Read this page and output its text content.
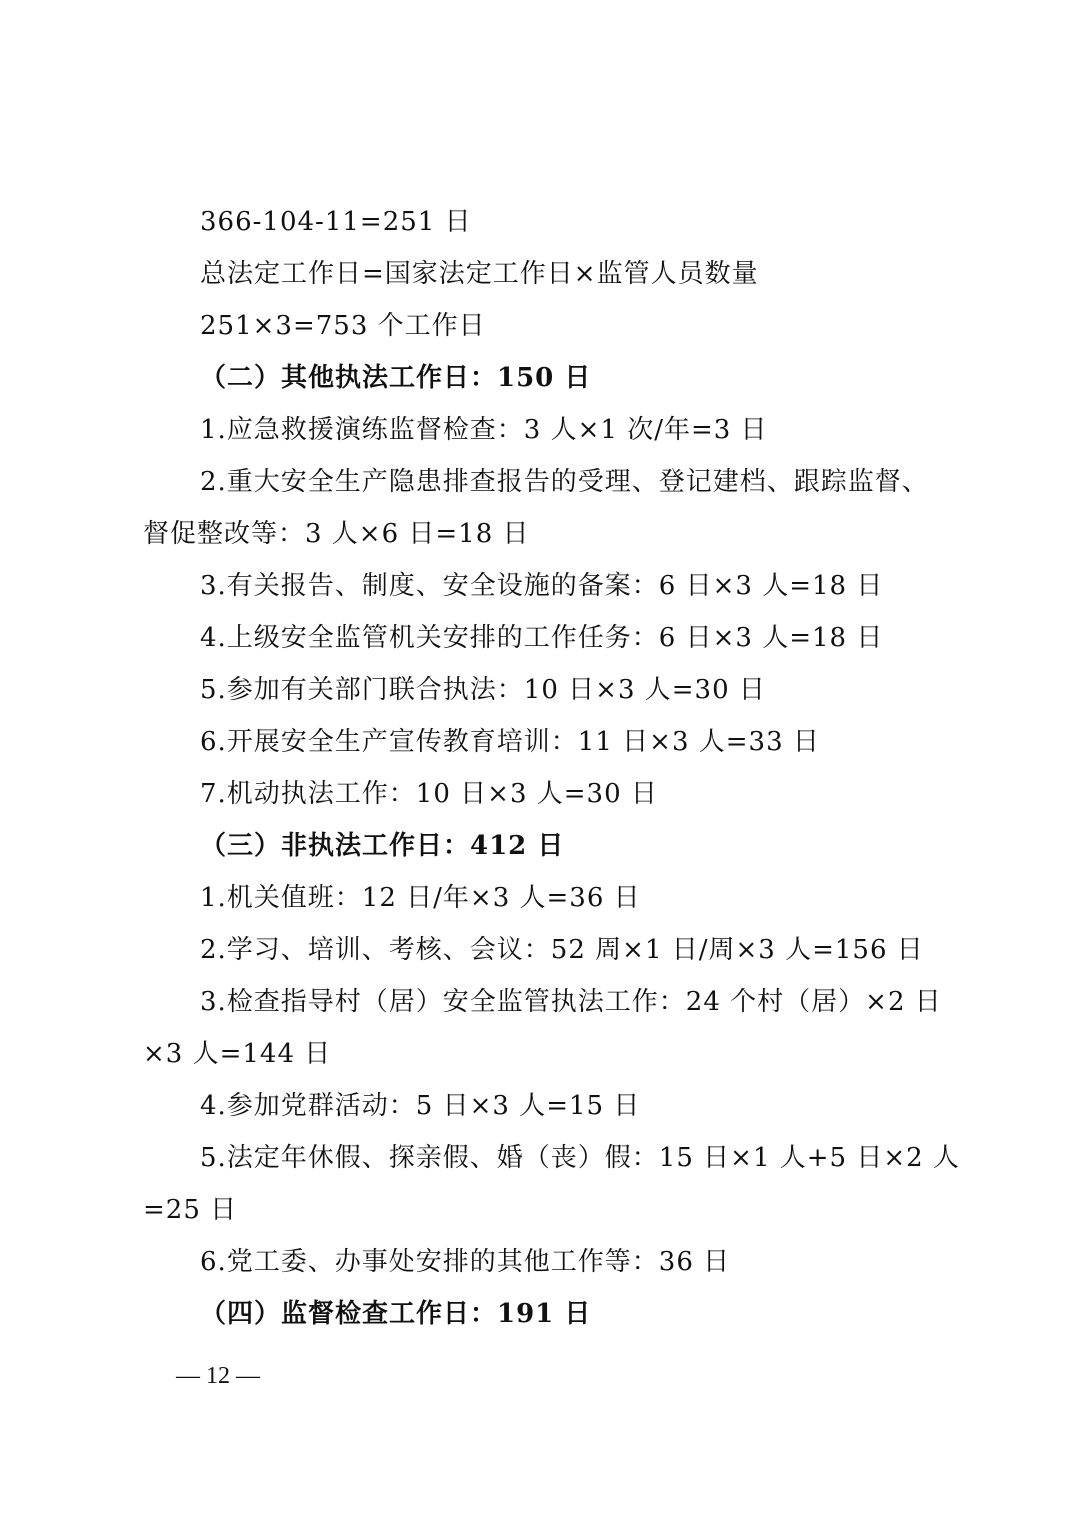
366-104-11=251 日
总法定工作日=国家法定工作日×监管人员数量
251×3=753 个工作日
（二）其他执法工作日：150 日
1.应急救援演练监督检查：3 人×1 次/年=3 日
2.重大安全生产隐患排查报告的受理、登记建档、跟踪监督、
督促整改等：3 人×6 日=18 日
3.有关报告、制度、安全设施的备案：6 日×3 人=18 日
4.上级安全监管机关安排的工作任务：6 日×3 人=18 日
5.参加有关部门联合执法：10 日×3 人=30 日
6.开展安全生产宣传教育培训：11 日×3 人=33 日
7.机动执法工作：10 日×3 人=30 日
（三）非执法工作日：412 日
1.机关值班：12 日/年×3 人=36 日
2.学习、培训、考核、会议：52 周×1 日/周×3 人=156 日
3.检查指导村（居）安全监管执法工作：24 个村（居）×2 日
×3 人=144 日
4.参加党群活动：5 日×3 人=15 日
5.法定年休假、探亲假、婚（丧）假：15 日×1 人+5 日×2 人
=25 日
6.党工委、办事处安排的其他工作等：36 日
（四）监督检查工作日：191 日
— 12 —
